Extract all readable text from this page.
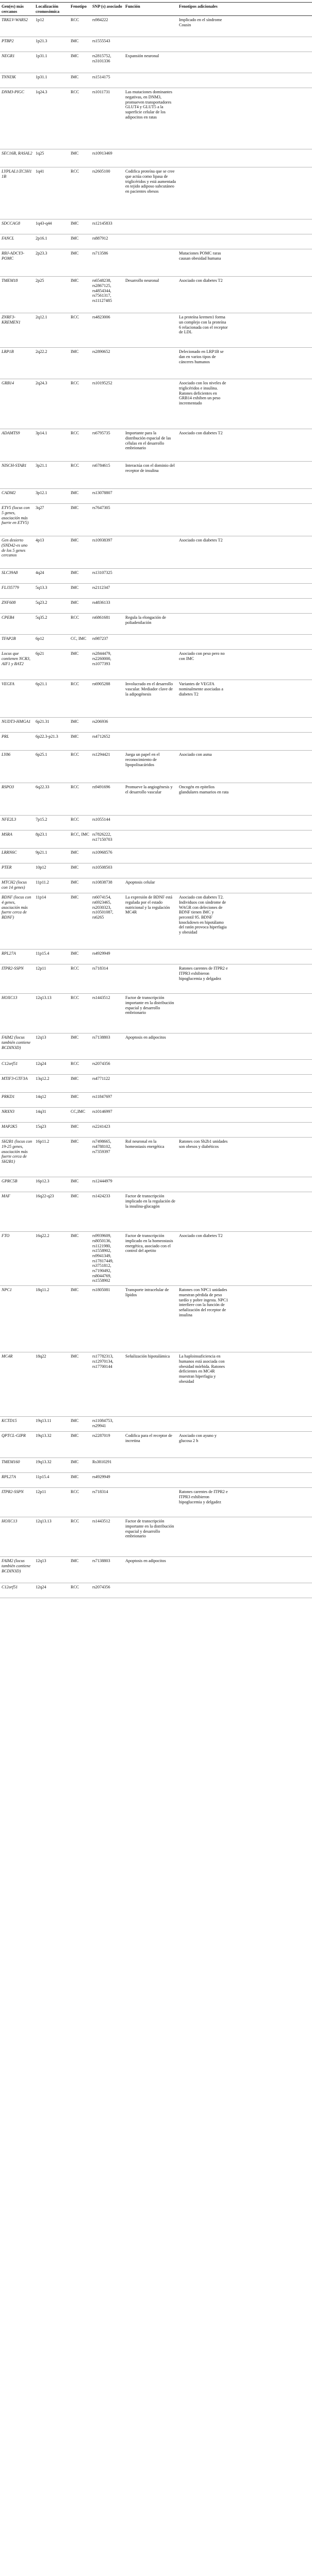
Gen(es) más cercanos	Localización cromosómica	Fenotipo	SNP (s) asociado	Función	Fenotipos adicionales	
TRKLV-WARS2	1p12	RCC	rs984222		Implicado en el síndrome Cousin	
PTBP2	1p21.3	IMC	rs1555543			
NEGR1	1p31.1	IMC	rs2815752, rs3101336	Expansión neuronal		
TNNI3K	1p31.1	IMC	rs1514175			
DNM3-PIGC	1q24.3	RCC	rs1011731	Las mutaciones dominantes negativas, en DNM3, promueven transportadores GLUT4 y GLUT5 a la superficie celular de los adipocitos en ratas		
SEC16B, RASAL2	1q25	IMC	rs10913469			
LYPLAL1/ZC3H11B	1q41	RCC	rs2605100	Codifica proteína que se cree que actúa como lipasa de triglicéridos y está aumentada en tejido adiposo subcutáneo en pacientes obesos		
SDCCAG8	1q43-q44	IMC	rs12145833			
FANCL	2p16.1	IMC	rs887912			
RBJ-ADCY3-POMC	2p23.3	IMC	rs713586		Mutaciones POMC raras causan obesidad humana	
TMEM18	2p25	IMC	rs6548238, rs2867125, rs4854344, rs7561317, rs11127485	Desarrollo neuronal	Asociado con diabetes T2	
ZNRF3-KREMEN1	2q12.1	RCC	rs4823006		La proteína kremen1 forma un complejo con la proteína 6 relacionada con el receptor de LDL	
LRP1B	2q22.2	IMC	rs2890652		Delecionado en LRP1B se dan en varios tipos de cánceres humanos	
GRB14	2q24.3	RCC	rs10195252		Asociado con los niveles de triglicéridos e insulina. Ratones deficientes en GRB14 exhiben un peso incrementado	
ADAMTS9	3p14.1	RCC	rs6795735	Importante para la distribución espacial de las células en el desarrollo embrionario	Asociado con diabetes T2	
NISCH-STAB1	3p21.1	RCC	rs6784615	Interactúa con el dominio del receptor de insulina		
CADM2	3p12.1	IMC	rs13078807			
ETV5 (locus con 5 genes, asociación más fuerte en ETV5)	3q27	IMC	rs7647305			
Gen desierto (SND42-es uno de los 5 genes cercanos	4p13	IMC	rs10938397		Asociado con diabetes T2	
SLC39A8	4q24	IMC	rs13107325			
FLJ35779	5q13.3	IMC	rs2112347			
ZNF608	5q23.2	IMC	rs4836133			
CPEB4	5q35.2	RCC	rs6861681	Regula la elongación de poliadenilación		
TFAP2B	6p12	CC, IMC	rs987237			
Locus que contienen NCR3, AIF1 y BAT2	6p21	IMC	rs2844479, rs2260000, rs1077393		Asociado con peso pero no con IMC	
VEGFA	6p21.1	RCC	rs6905288	Involucrado en el desarrollo vascular. Mediador clave de la adipogénesis	Variantes de VEGFA nominalmente asociadas a diabetes T2	
NUDT3-HMGA1	6p21.31	IMC	rs206936			
PRL	6p22.3-p21.3	IMC	rs4712652			
LY86	6p25.1	RCC	rs1294421	Juega un papel en el reconocimiento de lipopolisacáridos	Asociado con asma	
RSPO3	6q22.33	RCC	rs9491696	Promueve la angiogénesis y el desarrollo vascular	Oncogén en epitelios glandulares mamarios en rata	
NFE2L3	7p15.2	RCC	rs1055144			
MSRA	8p23.1	RCC, IMC	rs7826222, rs17150703			
LRRN6C	9p21.1	IMC	rs10968576			
PTER	10p12	IMC	rs10508503			
MTCH2 (locus con 14 genes)	11p11.2	IMC	rs10838738	Apoptosis celular		
BDNF (locus con 4 genes, asociación más fuerte cerca de BDNF)	11p14	IMC	rs6074154, rs6923465, rs2030323, rs10501087, rs6265	La expresión de BDNF está regulada por el estado nutricional y la regulación MC4R	Asociado con diabetes T2. Individuos con síndrome de WAGR con deleciones de BDNF tienen IMC y percentil 95. BDNF knockdown en hipotálamo del ratón provoca hiperfagia y obesidad	
RPL27A	11p15.4	IMC	rs4929949			
ITPR2-SSPN	12p11	RCC	rs718314		Ratones carentes de ITPR2 e ITPR3 exhibieron hipoglucemia y delgadez	
HOXC13	12q13.13	RCC	rs1443512	Factor de transcripción importante en la distribución espacial y desarrollo embrionario		
FAIM2 (locus también contiene BCDIN3D)	12q13	IMC	rs7138803	Apoptosis en adipocitos		
C12orf51	12q24	RCC	rs2074356			
MTIF3-GTF3A	13q12.2	IMC	rs4771122			
PRKD1	14q12	IMC	rs11847697			
NRXN3	14q31	CC,IMC	rs10146997			
MAP2K5	15q23	IMC	rs2241423			
SH2B1 (locus con 19-25 genes, asociación más fuerte cerca de SH2B1)	16p11.2	IMC	rs7498665, rs4788102, rs7359397	Rol neuronal en la homeostasis energética	Ratones con Sh2b1 unidades son obesos y diabéticos	
GPRC5B	16p12.3	IMC	rs12444979			
MAF	16q22-q23	IMC	rs1424233	Factor de transcripción implicado en la regulación de la insulina-glucagón		
FTO	16q22.2	IMC	rs9939609, rs8050136, rs1121980, rs1558902, rs9941349, rs17817449, rs3751812, rs7190492, rs8044769, rs1558902	Factor de transcripción implicado en la homeostasis energética, asociado con el control del apetito	Asociado con diabetes T2	
NPC1	18q11.2	IMC	rs1805081	Transporte intracelular de lípidos	Ratones con NPC1 unidades muestran pérdida de peso tardío y pobre ingesta. NPC1 interfiere con la función de señalización del receptor de insulina	
MC4R	18q22	IMC	rs17782313, rs12970134, rs17700144	Señalización hipotalámica	La haploinsuficiencia en humanos está asociada con obesidad mórbida. Ratones deficientes en MC4R muestran hiperfagia y obesidad	
KCTD15	19q13.11	IMC	rs11084753, rs29941			
QPTCL-GIPR	19q13.32	IMC	rs2287019	Codifica para el receptor de incretina	Asociado con ayuno y glucosa 2 h	
TMEM160	19q13.32	IMC	Rs3810291			
RPL27A	11p15.4	IMC	rs4929949			
ITPR2-SSPN	12p11	RCC	rs718314		Ratones carentes de ITPR2 e ITPR3 exhibieron hipoglucemia y delgadez	
HOXC13	12q13.13	RCC	rs1443512	Factor de transcripción importante en la distribución espacial y desarrollo embrionario		
FAIM2 (locus también contiene BCDIN3D)	12q13	IMC	rs7138803	Apoptosis en adipocitos		
C12orf51	12q24	RCC	rs2074356			
